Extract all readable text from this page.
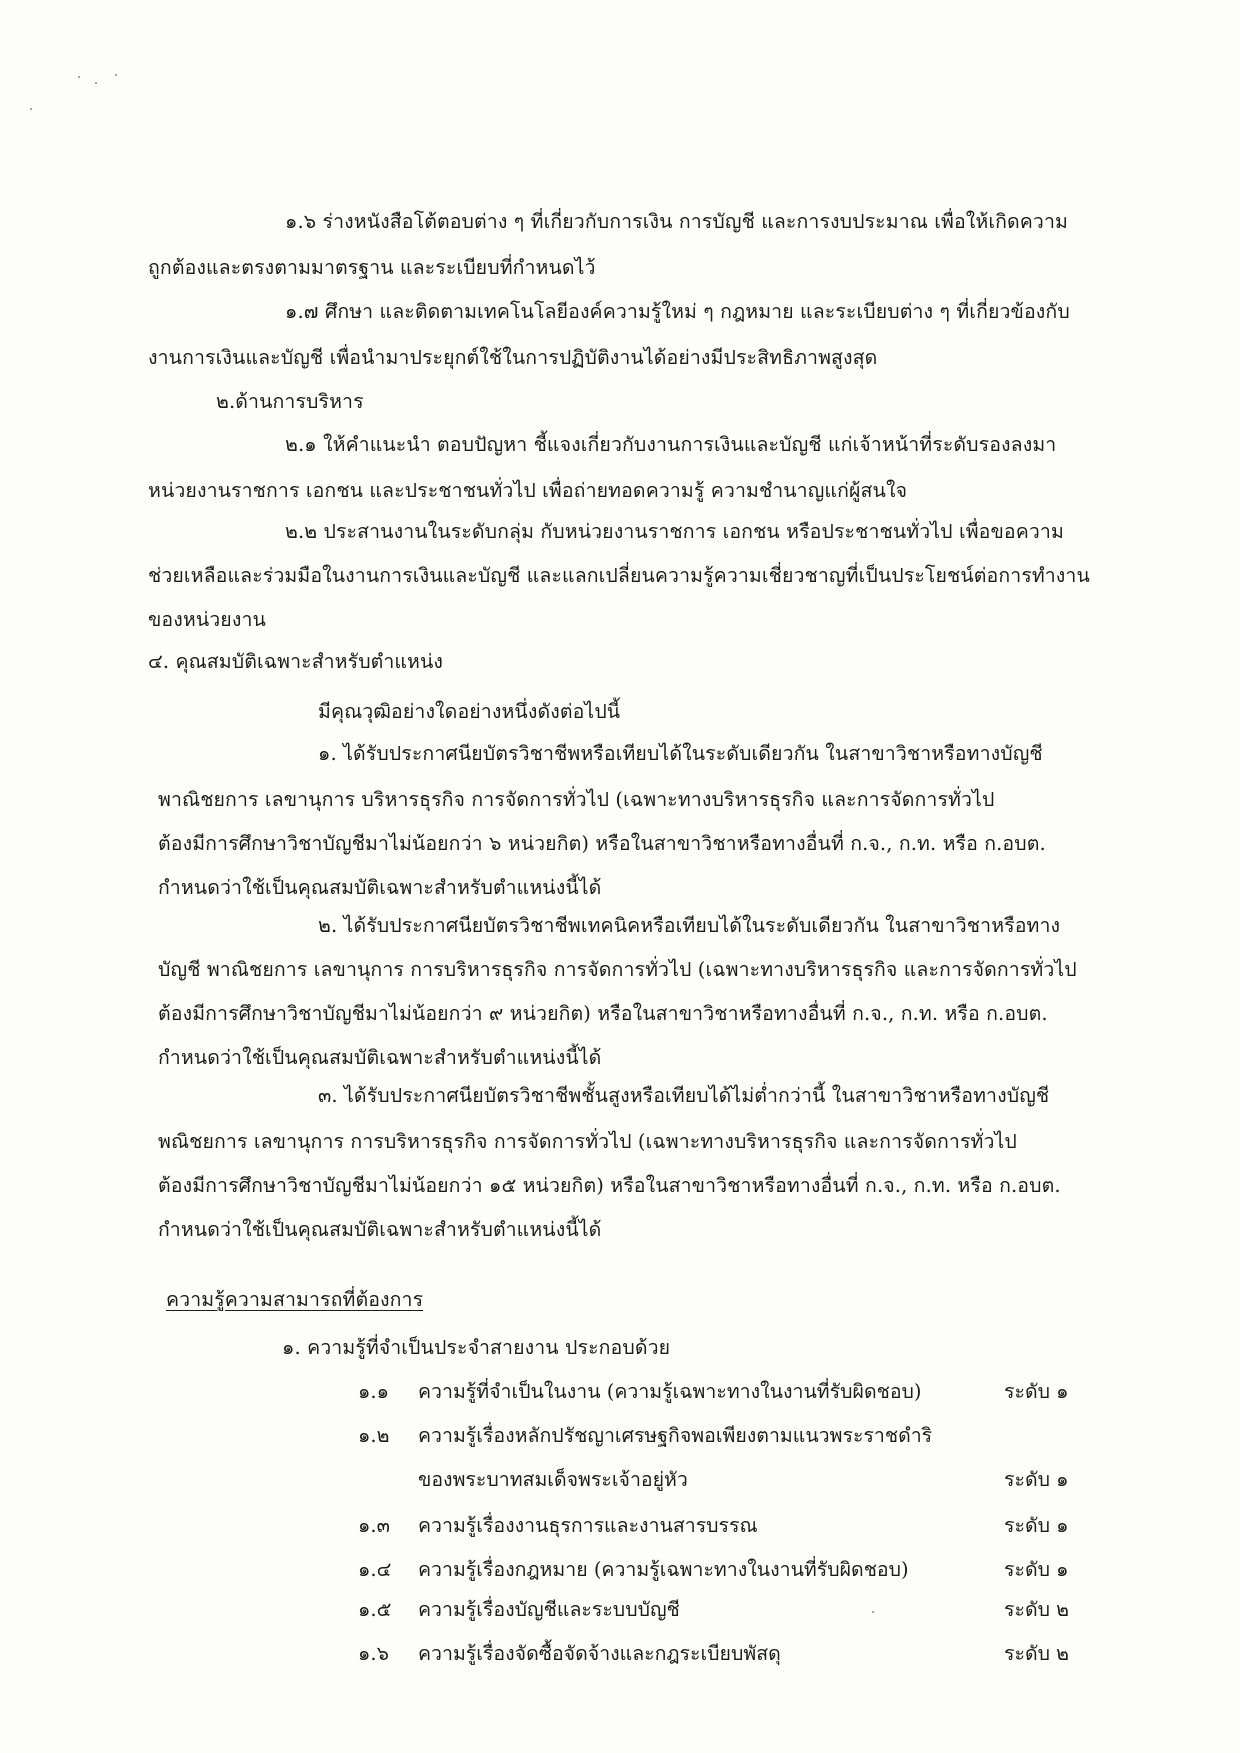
๑.๖ ร่างหนังสือโต้ตอบต่าง ๆ ที่เกี่ยวกับการเงิน การบัญชี และการงบประมาณ เพื่อให้เกิดความ
ถูกต้องและตรงตามมาตรฐาน และระเบียบที่กำหนดไว้
๑.๗ ศึกษา และติดตามเทคโนโลยีองค์ความรู้ใหม่ ๆ กฎหมาย และระเบียบต่าง ๆ ที่เกี่ยวข้องกับ
งานการเงินและบัญชี เพื่อนำมาประยุกต์ใช้ในการปฏิบัติงานได้อย่างมีประสิทธิภาพสูงสุด
๒.ด้านการบริหาร
๒.๑ ให้คำแนะนำ ตอบปัญหา ชี้แจงเกี่ยวกับงานการเงินและบัญชี แก่เจ้าหน้าที่ระดับรองลงมา
หน่วยงานราชการ เอกชน และประชาชนทั่วไป เพื่อถ่ายทอดความรู้ ความชำนาญแก่ผู้สนใจ
๒.๒ ประสานงานในระดับกลุ่ม กับหน่วยงานราชการ เอกชน หรือประชาชนทั่วไป เพื่อขอความ
ช่วยเหลือและร่วมมือในงานการเงินและบัญชี และแลกเปลี่ยนความรู้ความเชี่ยวชาญที่เป็นประโยชน์ต่อการทำงาน
ของหน่วยงาน
๔. คุณสมบัติเฉพาะสำหรับตำแหน่ง
มีคุณวุฒิอย่างใดอย่างหนึ่งดังต่อไปนี้
๑. ได้รับประกาศนียบัตรวิชาชีพหรือเทียบได้ในระดับเดียวกัน ในสาขาวิชาหรือทางบัญชี
พาณิชยการ เลขานุการ บริหารธุรกิจ การจัดการทั่วไป (เฉพาะทางบริหารธุรกิจ และการจัดการทั่วไป
ต้องมีการศึกษาวิชาบัญชีมาไม่น้อยกว่า ๖ หน่วยกิต) หรือในสาขาวิชาหรือทางอื่นที่ ก.จ., ก.ท. หรือ ก.อบต.
กำหนดว่าใช้เป็นคุณสมบัติเฉพาะสำหรับตำแหน่งนี้ได้
๒. ได้รับประกาศนียบัตรวิชาชีพเทคนิคหรือเทียบได้ในระดับเดียวกัน ในสาขาวิชาหรือทาง
บัญชี พาณิชยการ เลขานุการ การบริหารธุรกิจ การจัดการทั่วไป (เฉพาะทางบริหารธุรกิจ และการจัดการทั่วไป
ต้องมีการศึกษาวิชาบัญชีมาไม่น้อยกว่า ๙ หน่วยกิต) หรือในสาขาวิชาหรือทางอื่นที่ ก.จ., ก.ท. หรือ ก.อบต.
กำหนดว่าใช้เป็นคุณสมบัติเฉพาะสำหรับตำแหน่งนี้ได้
๓. ได้รับประกาศนียบัตรวิชาชีพชั้นสูงหรือเทียบได้ไม่ต่ำกว่านี้ ในสาขาวิชาหรือทางบัญชี
พณิชยการ เลขานุการ การบริหารธุรกิจ การจัดการทั่วไป (เฉพาะทางบริหารธุรกิจ และการจัดการทั่วไป
ต้องมีการศึกษาวิชาบัญชีมาไม่น้อยกว่า ๑๕ หน่วยกิต) หรือในสาขาวิชาหรือทางอื่นที่ ก.จ., ก.ท. หรือ ก.อบต.
กำหนดว่าใช้เป็นคุณสมบัติเฉพาะสำหรับตำแหน่งนี้ได้
ความรู้ความสามารถที่ต้องการ
๑. ความรู้ที่จำเป็นประจำสายงาน ประกอบด้วย
๑.๑ ความรู้ที่จำเป็นในงาน (ความรู้เฉพาะทางในงานที่รับผิดชอบ)	ระดับ ๑
๑.๒ ความรู้เรื่องหลักปรัชญาเศรษฐกิจพอเพียงตามแนวพระราชดำริ
ของพระบาทสมเด็จพระเจ้าอยู่หัว	ระดับ ๑
๑.๓ ความรู้เรื่องงานธุรการและงานสารบรรณ	ระดับ ๑
๑.๔ ความรู้เรื่องกฎหมาย (ความรู้เฉพาะทางในงานที่รับผิดชอบ)	ระดับ ๑
๑.๕ ความรู้เรื่องบัญชีและระบบบัญชี	ระดับ ๒
๑.๖ ความรู้เรื่องจัดซื้อจัดจ้างและกฎระเบียบพัสดุ	ระดับ ๒
